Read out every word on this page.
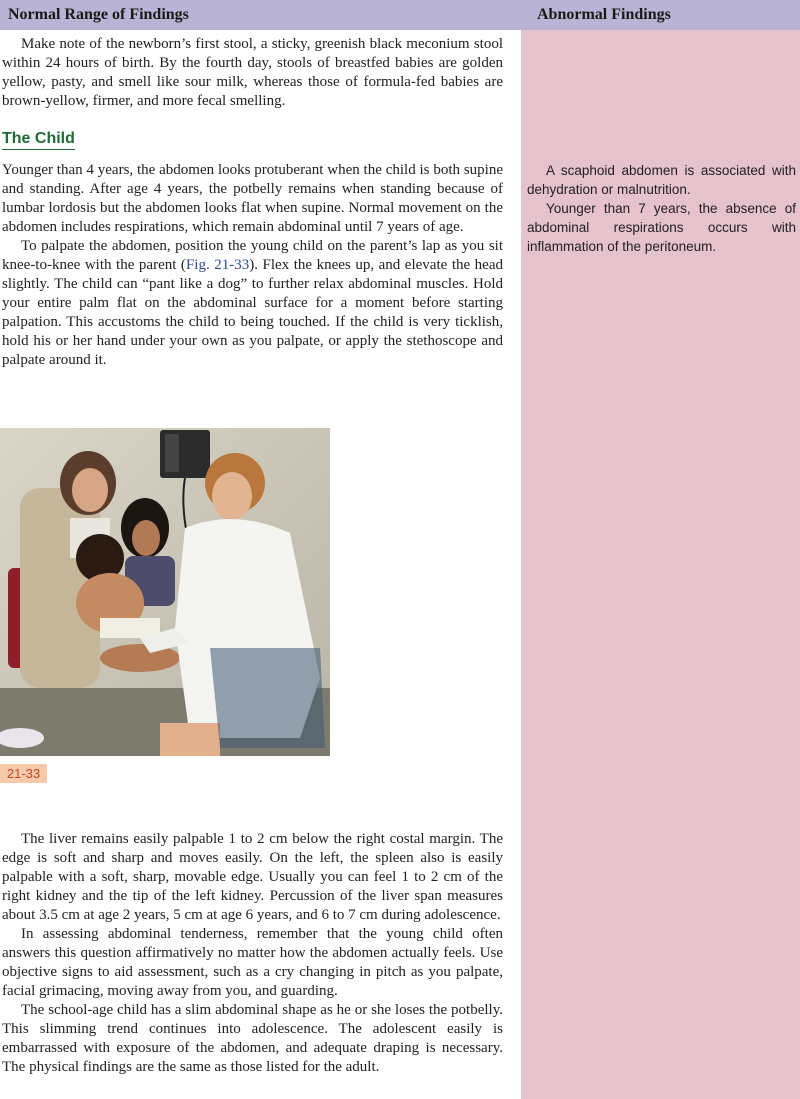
Normal Range of Findings	Abnormal Findings

A scaphoid abdomen is associated with dehydration or malnutrition.

Younger than 7 years, the absence of abdominal respirations occurs with inflammation of the peritoneum.

Make note of the newborn’s first stool, a sticky, greenish black meconium stool within 24 hours of birth. By the fourth day, stools of breastfed babies are golden yellow, pasty, and smell like sour milk, whereas those of formula-fed babies are brown-yellow, firmer, and more fecal smelling.

The Child

Younger than 4 years, the abdomen looks protuberant when the child is both supine and standing. After age 4 years, the potbelly remains when standing because of lumbar lordosis but the abdomen looks flat when supine. Normal movement on the abdomen includes respirations, which remain abdominal until 7 years of age.

To palpate the abdomen, position the young child on the parent’s lap as you sit knee-to-knee with the parent (Fig. 21-33). Flex the knees up, and elevate the head slightly. The child can “pant like a dog” to further relax abdominal muscles. Hold your entire palm flat on the abdominal surface for a moment before starting palpation. This accustoms the child to being touched. If the child is very ticklish, hold his or her hand under your own as you palpate, or apply the stethoscope and palpate around it.

21-33

The liver remains easily palpable 1 to 2 cm below the right costal margin. The edge is soft and sharp and moves easily. On the left, the spleen also is easily palpable with a soft, sharp, movable edge. Usually you can feel 1 to 2 cm of the right kidney and the tip of the left kidney. Percussion of the liver span measures about 3.5 cm at age 2 years, 5 cm at age 6 years, and 6 to 7 cm during adolescence.

In assessing abdominal tenderness, remember that the young child often answers this question affirmatively no matter how the abdomen actually feels. Use objective signs to aid assessment, such as a cry changing in pitch as you palpate, facial grimacing, moving away from you, and guarding.

The school-age child has a slim abdominal shape as he or she loses the potbelly. This slimming trend continues into adolescence. The adolescent easily is embarrassed with exposure of the abdomen, and adequate draping is necessary. The physical findings are the same as those listed for the adult.
